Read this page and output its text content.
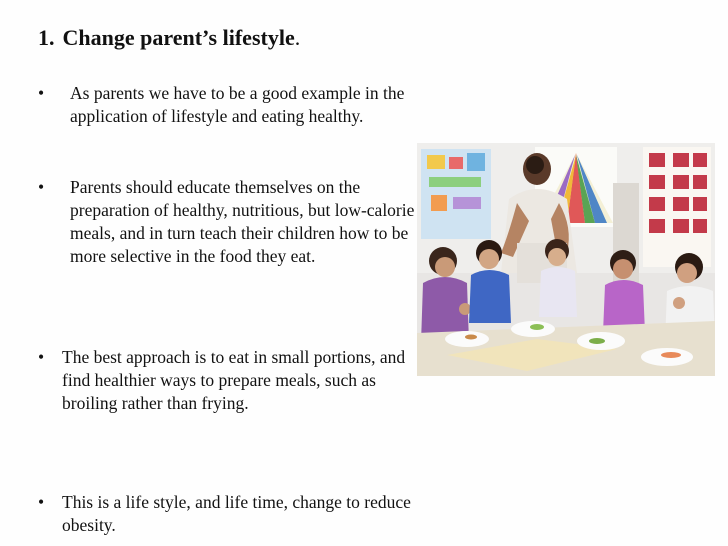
1. Change parent’s lifestyle.
•	As parents we have to be a good example in the application of lifestyle and eating healthy.
•	Parents should educate themselves on the preparation of healthy, nutritious, but low-calorie meals, and in turn teach their children how to be more selective in the food they eat.
•	The best approach is to eat in small portions, and find healthier ways to prepare meals, such as broiling rather than frying.
•	This is a life style, and life time, change to reduce obesity.
